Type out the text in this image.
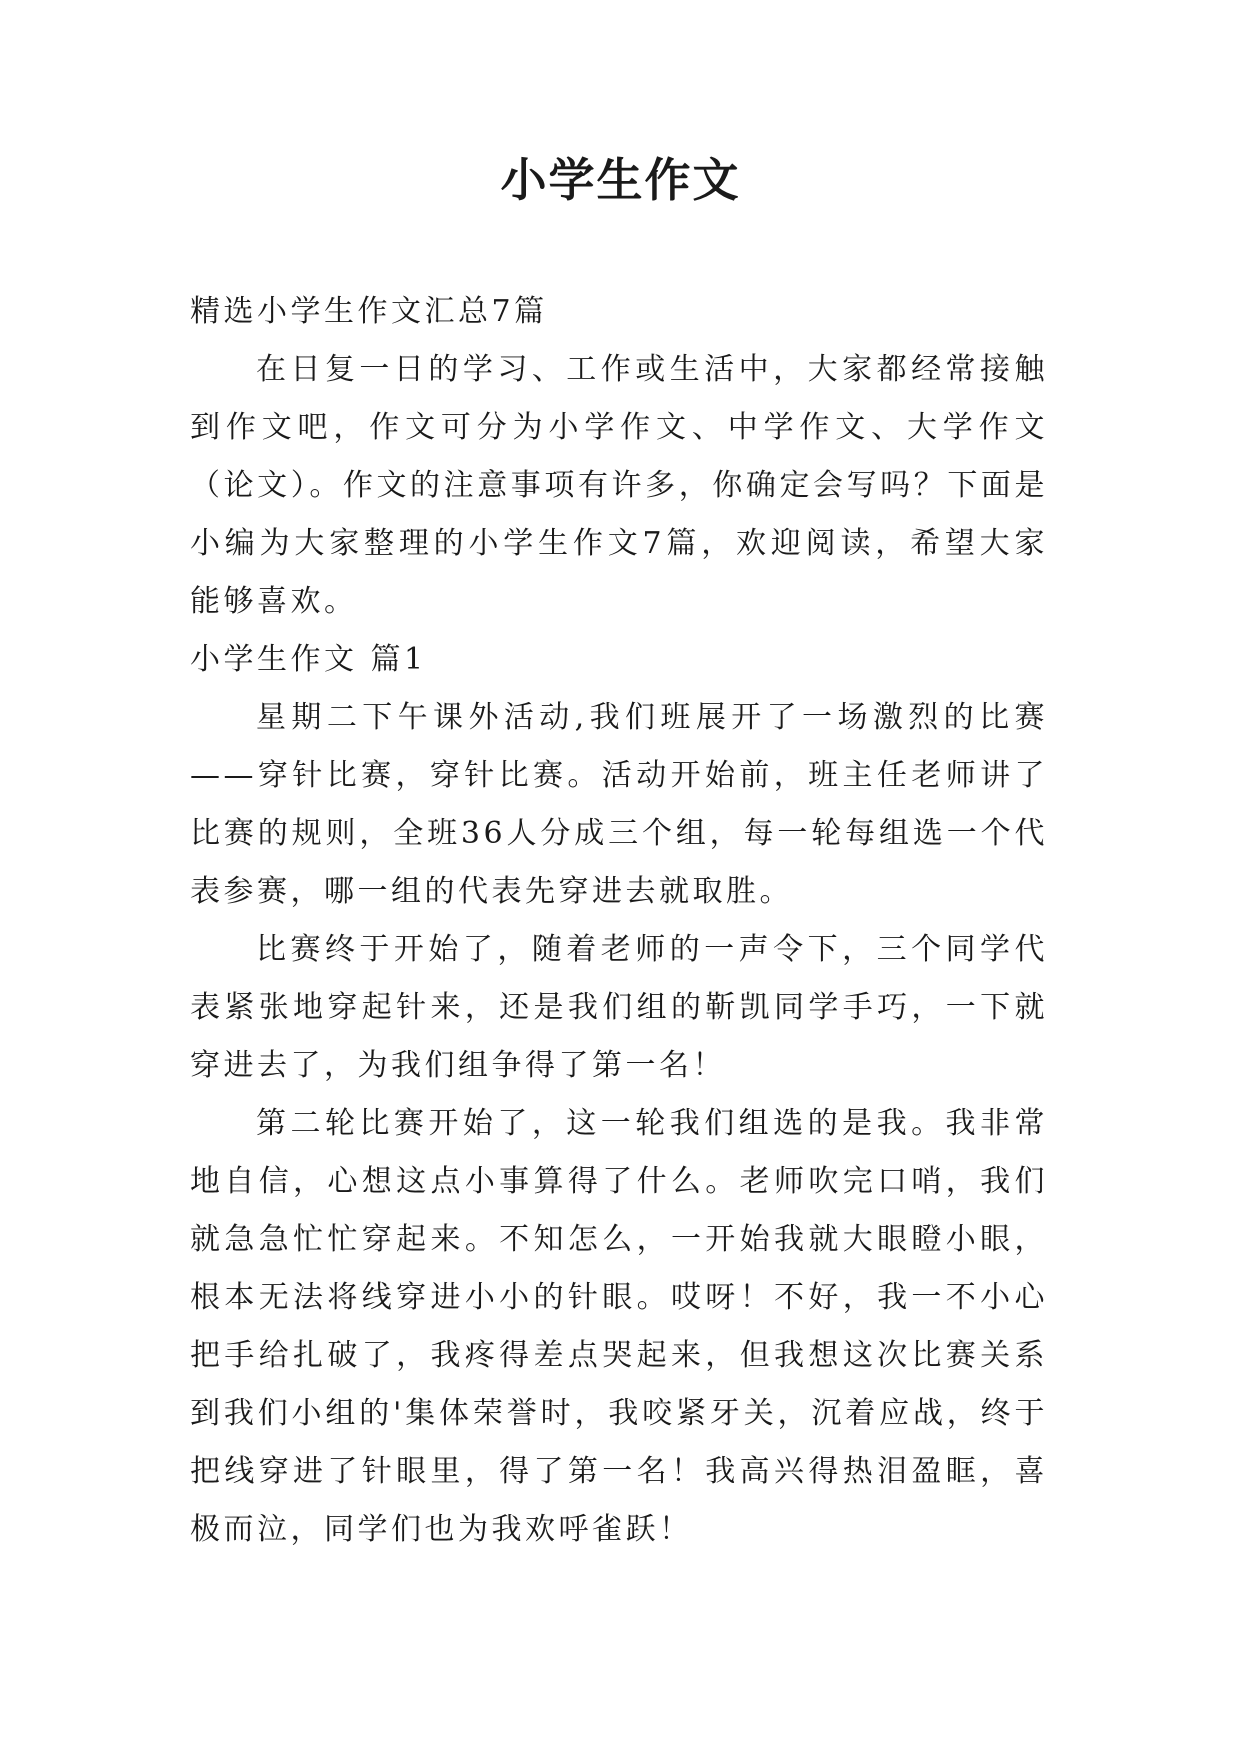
小学生作文

精选小学生作文汇总7篇

在日复一日的学习、工作或生活中，大家都经常接触到作文吧，作文可分为小学作文、中学作文、大学作文（论文）。作文的注意事项有许多，你确定会写吗？下面是小编为大家整理的小学生作文7篇，欢迎阅读，希望大家能够喜欢。

小学生作文 篇1

星期二下午课外活动,我们班展开了一场激烈的比赛——穿针比赛，穿针比赛。活动开始前，班主任老师讲了比赛的规则，全班36人分成三个组，每一轮每组选一个代表参赛，哪一组的代表先穿进去就取胜。

比赛终于开始了，随着老师的一声令下，三个同学代表紧张地穿起针来，还是我们组的靳凯同学手巧，一下就穿进去了，为我们组争得了第一名！

第二轮比赛开始了，这一轮我们组选的是我。我非常地自信，心想这点小事算得了什么。老师吹完口哨，我们就急急忙忙穿起来。不知怎么，一开始我就大眼瞪小眼，根本无法将线穿进小小的针眼。哎呀！不好，我一不小心把手给扎破了，我疼得差点哭起来，但我想这次比赛关系到我们小组的'集体荣誉时，我咬紧牙关，沉着应战，终于把线穿进了针眼里，得了第一名！我高兴得热泪盈眶，喜极而泣，同学们也为我欢呼雀跃！
